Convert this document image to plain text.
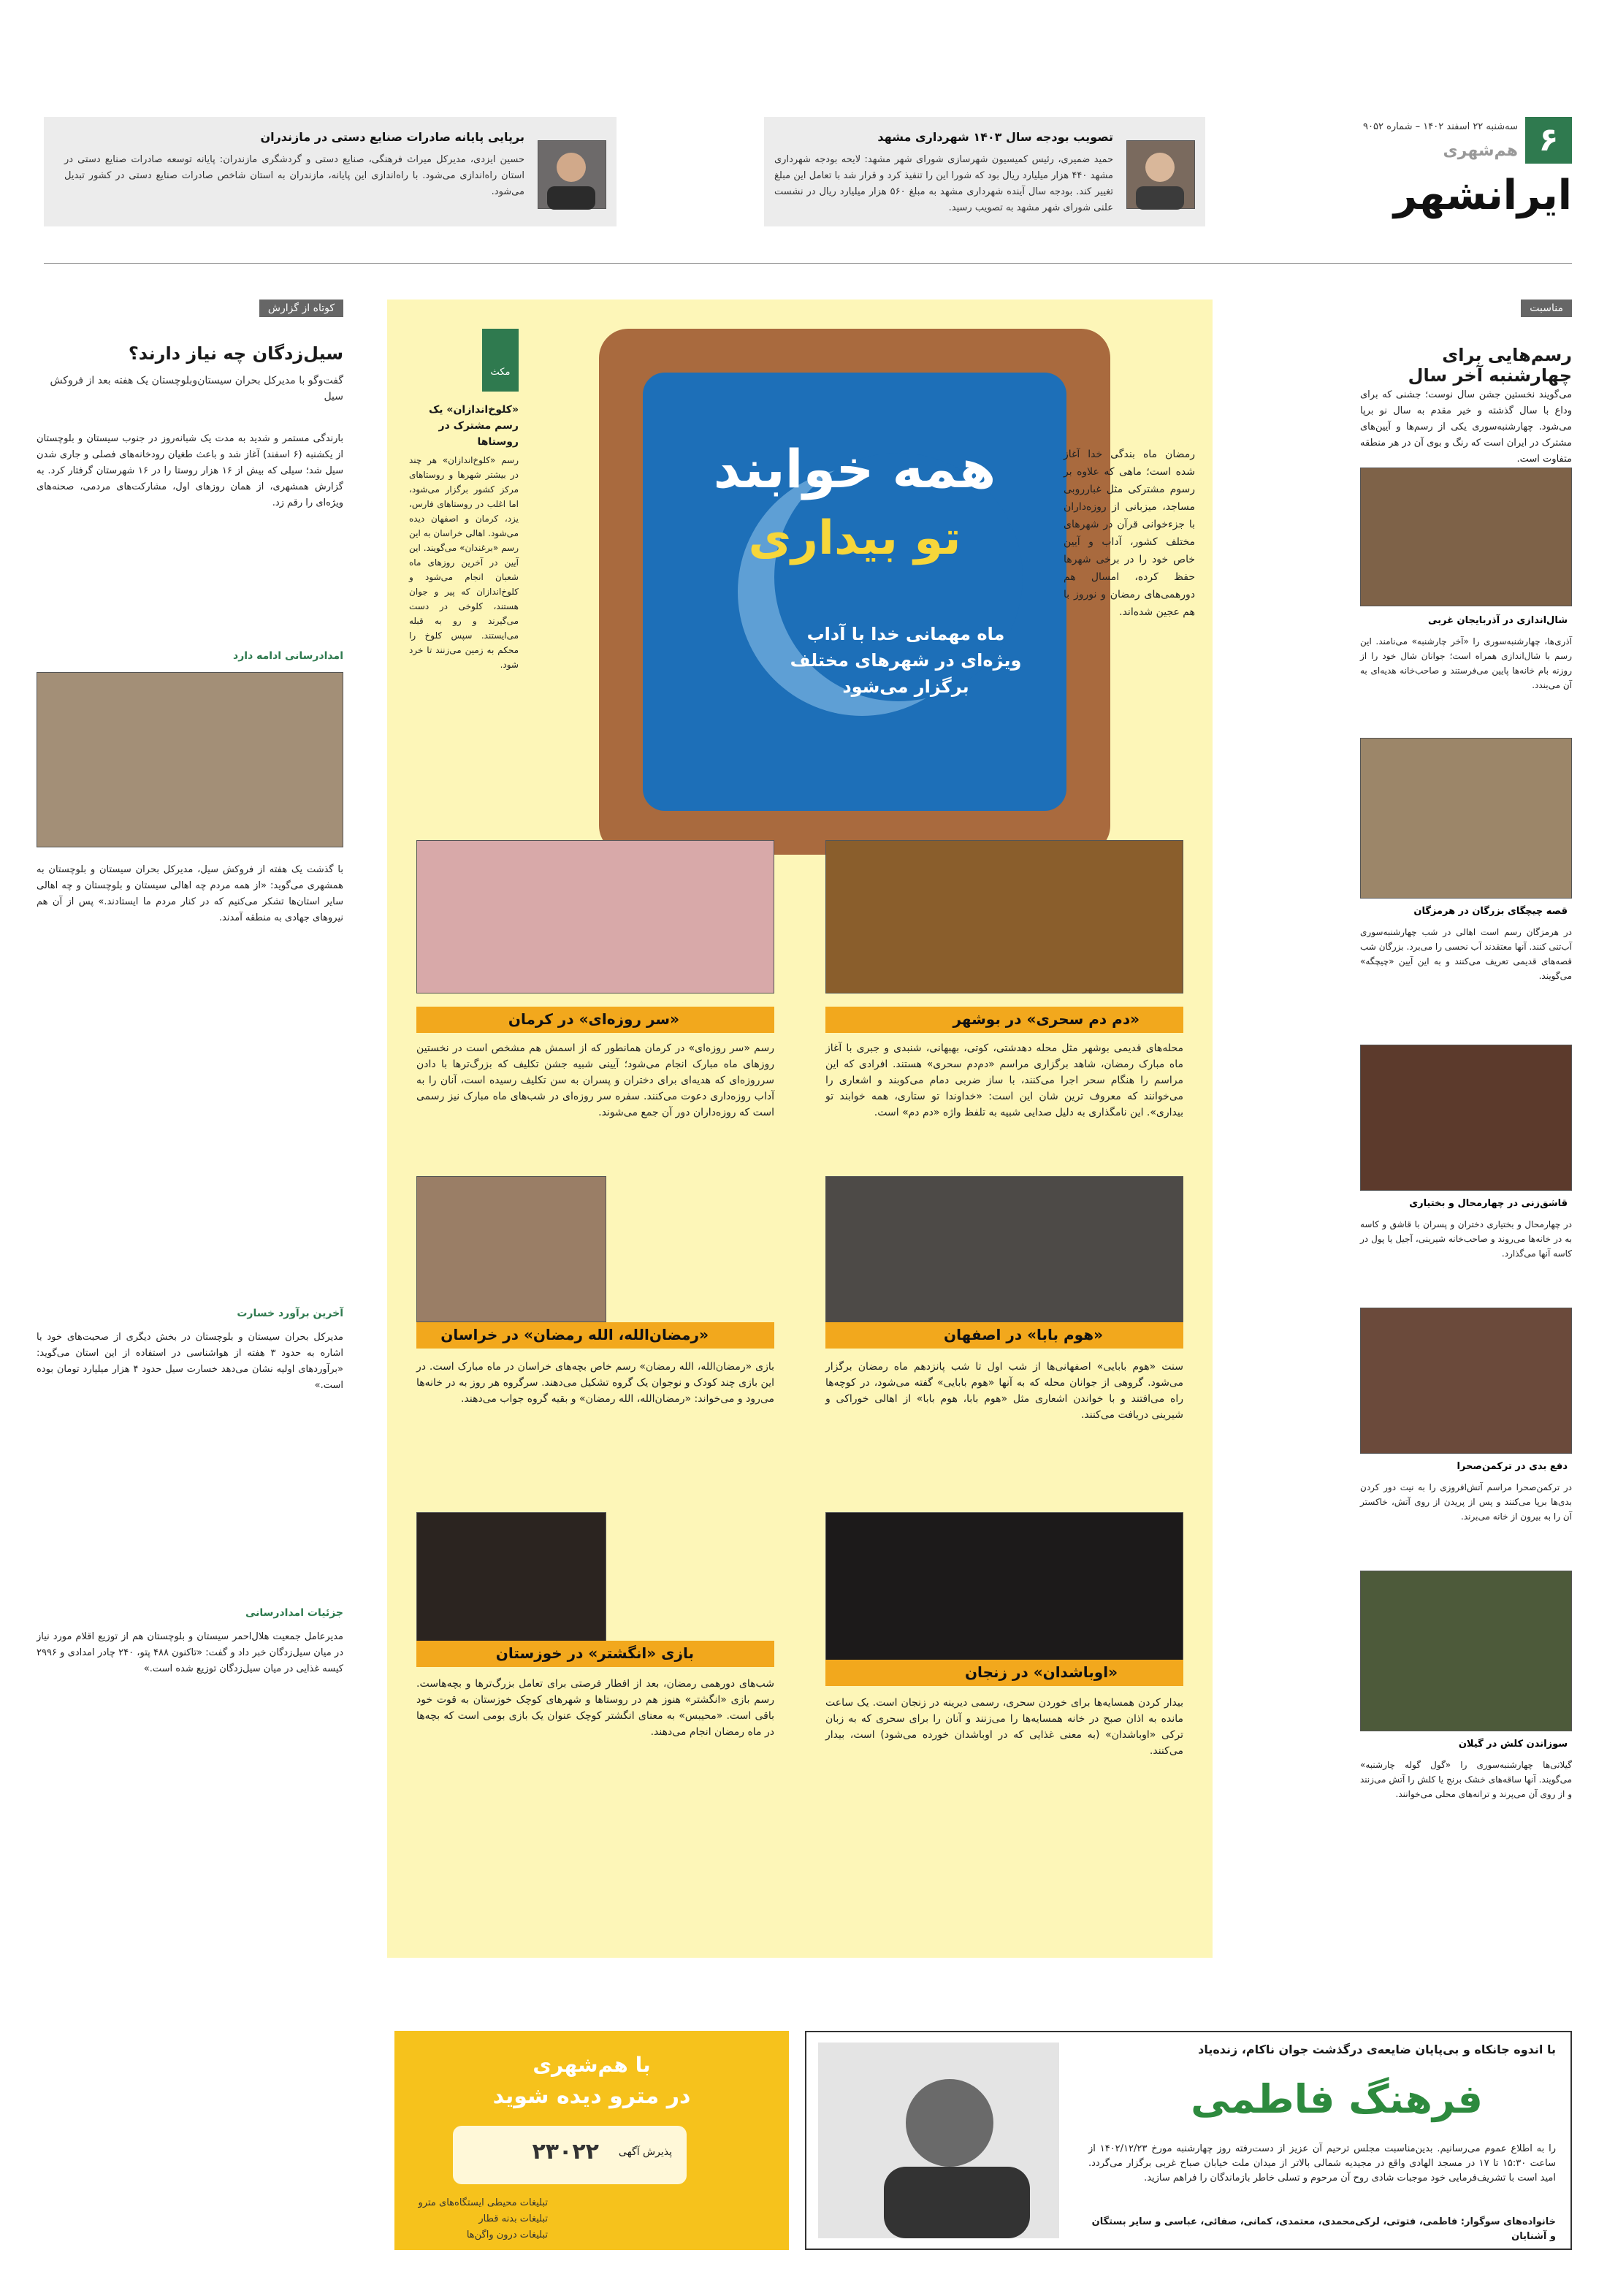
۶
سه‌شنبه ۲۲ اسفند ۱۴۰۲ – شماره ۹۰۵۲
هم‌شهری
ایرانشهر
تصویب بودجه سال ۱۴۰۳ شهرداری مشهد
حمید ضمیری، رئیس کمیسیون شهرسازی شورای شهر مشهد: لایحه بودجه شهرداری مشهد ۴۴۰ هزار میلیارد ریال بود که شورا این را تنفیذ کرد و قرار شد با تعامل این مبلغ تغییر کند. بودجه سال آینده شهرداری مشهد به مبلغ ۵۶۰ هزار میلیارد ریال در نشست علنی شورای شهر مشهد به تصویب رسید.
برپایی پایانه صادرات صنایع دستی در مازندران
حسین ایزدی، مدیرکل میراث فرهنگی، صنایع دستی و گردشگری مازندران: پایانه توسعه صادرات صنایع دستی در استان راه‌اندازی می‌شود. با راه‌اندازی این پایانه، مازندران به استان شاخص صادرات صنایع دستی در کشور تبدیل می‌شود.
مناسبت
رسم‌هایی برای چهارشنبه آخر سال
می‌گویند نخستین جشن سال نوست؛ جشنی که برای وداع با سال گذشته و خیر مقدم به سال نو برپا می‌شود. چهارشنبه‌سوری یکی از رسم‌ها و آیین‌های مشترک در ایران است که رنگ و بوی آن در هر منطقه متفاوت است.
شال‌اندازی در آذربایجان غربی
آذری‌ها، چهارشنبه‌سوری را «آخر چارشنبه» می‌نامند. این رسم با شال‌اندازی همراه است؛ جوانان شال خود را از روزنه بام خانه‌ها پایین می‌فرستند و صاحب‌خانه هدیه‌ای به آن می‌بندد.
قصه چیچگای بزرگان در هرمزگان
در هرمزگان رسم است اهالی در شب چهارشنبه‌سوری آب‌تنی کنند. آنها معتقدند آب نحسی را می‌برد. بزرگان شب قصه‌های قدیمی تعریف می‌کنند و به این آیین «چیچگه» می‌گویند.
قاشق‌زنی در چهارمحال و بختیاری
در چهارمحال و بختیاری دختران و پسران با قاشق و کاسه به در خانه‌ها می‌روند و صاحب‌خانه شیرینی، آجیل یا پول در کاسه آنها می‌گذارد.
دفع بدی در ترکمن‌صحرا
در ترکمن‌صحرا مراسم آتش‌افروزی را به نیت دور کردن بدی‌ها برپا می‌کنند و پس از پریدن از روی آتش، خاکستر آن را به بیرون از خانه می‌برند.
سوزاندن کلش در گیلان
گیلانی‌ها چهارشنبه‌سوری را «گول گوله چارشنبه» می‌گویند. آنها ساقه‌های خشک برنج یا کلش را آتش می‌زنند و از روی آن می‌پرند و ترانه‌های محلی می‌خوانند.
همه خوابند
تو بیداری
ماه مهمانی خدا با آداب ویژه‌ای در شهرهای مختلف برگزار می‌شود
رمضان ماه بندگی خدا آغاز شده است؛ ماهی که علاوه بر رسوم مشترکی مثل غبارروبی مساجد، میزبانی از روزه‌داران با جزء‌خوانی قرآن در شهرهای مختلف کشور، آداب و آیین خاص خود را در برخی شهرها حفظ کرده، امسال هم دورهمی‌های رمضان و نوروز با هم عجین شده‌اند.
مکث
«کلوخ‌اندازان» یک رسم مشترک در روستاها
رسم «کلوخ‌اندازان» هر چند در بیشتر شهرها و روستاهای مرکز کشور برگزار می‌شود، اما اغلب در روستاهای فارس، یزد، کرمان و اصفهان دیده می‌شود. اهالی خراسان به این رسم «برغندان» می‌گویند. این آیین در آخرین روزهای ماه شعبان انجام می‌شود و کلوخ‌اندازان که پیر و جوان هستند، کلوخی در دست می‌گیرند و رو به قبله می‌ایستند. سپس کلوخ را محکم به زمین می‌زنند تا خرد شود.
«دم دم سحری» در بوشهر
محله‌های قدیمی بوشهر مثل محله دهدشتی، کوتی، بهبهانی، شنبدی و جبری با آغاز ماه مبارک رمضان، شاهد برگزاری مراسم «دم‌دم سحری» هستند. افرادی که این مراسم را هنگام سحر اجرا می‌کنند، با ساز ضربی دمام می‌کوبند و اشعاری را می‌خوانند که معروف ترین شان این است: «خداوندا تو ستاری، همه خوابند تو بیداری». این نامگذاری به دلیل صدایی شبیه به تلفظ واژه «دم دم» است.
«سر روزه‌ای» در کرمان
رسم «سر روزه‌ای» در کرمان همانطور که از اسمش هم مشخص است در نخستین روزهای ماه مبارک انجام می‌شود؛ آیینی شبیه جشن تکلیف که بزرگ‌ترها با دادن سرروزه‌ای که هدیه‌ای برای دختران و پسران به سن تکلیف رسیده است، آنان را به آداب روزه‌داری دعوت می‌کنند. سفره سر روزه‌ای در شب‌های ماه مبارک نیز رسمی است که روزه‌داران دور آن جمع می‌شوند.
«هوم بابا» در اصفهان
سنت «هوم بابایی» اصفهانی‌ها از شب اول تا شب پانزدهم ماه رمضان برگزار می‌شود. گروهی از جوانان محله که به آنها «هوم بابایی» گفته می‌شود، در کوچه‌ها راه می‌افتند و با خواندن اشعاری مثل «هوم بابا، هوم بابا» از اهالی خوراکی و شیرینی دریافت می‌کنند.
«رمضان‌الله، الله رمضان» در خراسان
بازی «رمضان‌الله، الله رمضان» رسم خاص بچه‌های خراسان در ماه مبارک است. در این بازی چند کودک و نوجوان یک گروه تشکیل می‌دهند. سرگروه هر روز به در خانه‌ها می‌رود و می‌خواند: «رمضان‌الله، الله رمضان» و بقیه گروه جواب می‌دهند.
«اوباشدان» در زنجان
بیدار کردن همسایه‌ها برای خوردن سحری، رسمی دیرینه در زنجان است. یک ساعت مانده به اذان صبح در خانه همسایه‌ها را می‌زنند و آنان را برای سحری که به زبان ترکی «اوباشدان» (به معنی غذایی که در اوباشدان خورده می‌شود) است، بیدار می‌کنند.
بازی «انگشتر» در خوزستان
شب‌های دورهمی رمضان، بعد از افطار فرصتی برای تعامل بزرگ‌ترها و بچه‌هاست. رسم بازی «انگشتر» هنوز هم در روستاها و شهرهای کوچک خوزستان به قوت خود باقی است. «محیبس» به معنای انگشتر کوچک عنوان یک بازی بومی است که بچه‌ها در ماه رمضان انجام می‌دهند.
کوتاه از گزارش
سیل‌زدگان چه نیاز دارند؟
گفت‌وگو با مدیرکل بحران سیستان‌وبلوچستان یک هفته بعد از فروکش سیل
بارندگی مستمر و شدید به مدت یک شبانه‌روز در جنوب سیستان و بلوچستان از یکشنبه (۶ اسفند) آغاز شد و باعث طغیان رودخانه‌های فصلی و جاری شدن سیل شد؛ سیلی که بیش از ۱۶ هزار روستا را در ۱۶ شهرستان گرفتار کرد. به گزارش همشهری، از همان روزهای اول، مشارکت‌های مردمی، صحنه‌های ویژه‌ای را رقم زد.
امدادرسانی ادامه دارد
با گذشت یک هفته از فروکش سیل، مدیرکل بحران سیستان و بلوچستان به همشهری می‌گوید: «از همه مردم چه اهالی سیستان و بلوچستان و چه اهالی سایر استان‌ها تشکر می‌کنیم که در کنار مردم ما ایستادند.» پس از آن هم نیروهای جهادی به منطقه آمدند.
آخرین برآورد خسارت
مدیرکل بحران سیستان و بلوچستان در بخش دیگری از صحبت‌های خود با اشاره به حدود ۳ هفته از هواشناسی در استفاده از این استان می‌گوید: «برآوردهای اولیه نشان می‌دهد خسارت سیل حدود ۴ هزار میلیارد تومان بوده است.»
جزئیات امدادرسانی
مدیرعامل جمعیت هلال‌احمر سیستان و بلوچستان هم از توزیع اقلام مورد نیاز در میان سیل‌زدگان خبر داد و گفت: «تاکنون ۴۸۸ پتو، ۲۴۰ چادر امدادی و ۲۹۹۶ کیسه غذایی در میان سیل‌زدگان توزیع شده است.»
با هم‌شهری
در مترو دیده شوید
پذیرش آگهی
۲۳۰۲۲
تبلیغات محیطی ایستگاه‌های مترو
تبلیغات بدنه قطار
تبلیغات درون واگن‌ها
با اندوه جانکاه و بی‌پایان ضایعه‌ی درگذشت جوان ناکام، زنده‌یاد
فرهنگ فاطمی
را به اطلاع عموم می‌رسانیم. بدین‌مناسبت مجلس ترحیم آن عزیز از دست‌رفته روز چهارشنبه مورخ ۱۴۰۲/۱۲/۲۳ از ساعت ۱۵:۳۰ تا ۱۷ در مسجد الهادی واقع در مجیدیه شمالی بالاتر از میدان ملت خیابان صباح غربی برگزار می‌گردد. امید است با تشریف‌فرمایی خود موجبات شادی روح آن مرحوم و تسلی خاطر بازماندگان را فراهم سازید.
خانواده‌های سوگوار: فاطمی، فتوتی، لرکی‌محمدی، معتمدی، کمانی، صفائی، عباسی و سایر بستگان و آشنایان
